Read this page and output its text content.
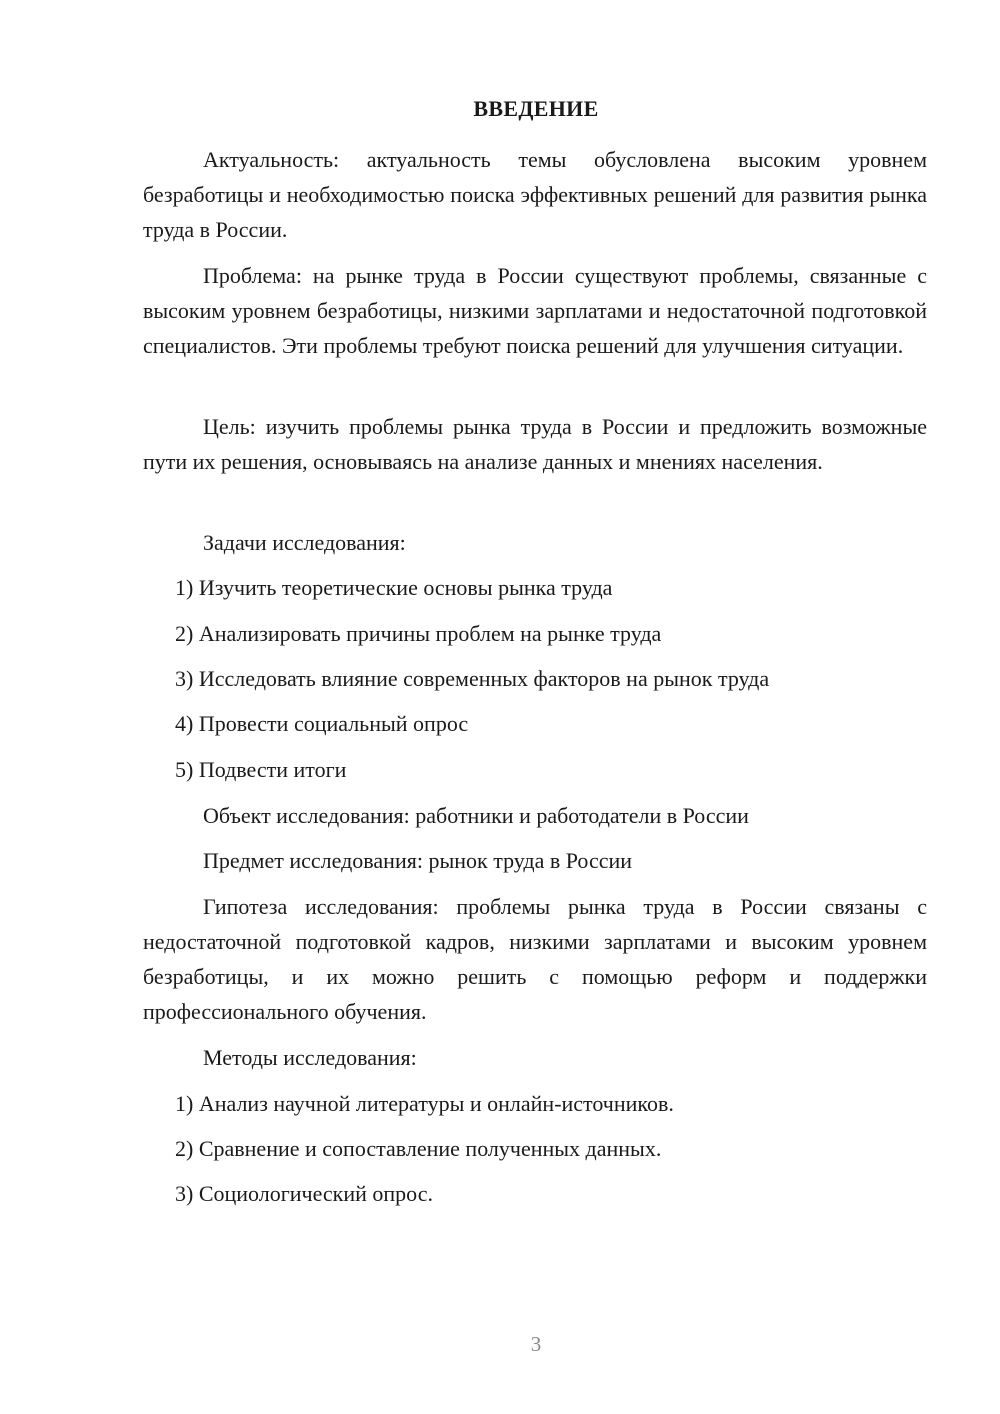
ВВЕДЕНИЕ

Актуальность: актуальность темы обусловлена высоким уровнем безработицы и необходимостью поиска эффективных решений для развития рынка труда в России.

Проблема: на рынке труда в России существуют проблемы, связанные с высоким уровнем безработицы, низкими зарплатами и недостаточной подготовкой специалистов. Эти проблемы требуют поиска решений для улучшения ситуации.

Цель: изучить проблемы рынка труда в России и предложить возможные пути их решения, основываясь на анализе данных и мнениях населения.

Задачи исследования:

1) Изучить теоретические основы рынка труда

2) Анализировать причины проблем на рынке труда

3) Исследовать влияние современных факторов на рынок труда

4) Провести социальный опрос

5) Подвести итоги

Объект исследования: работники и работодатели в России

Предмет исследования: рынок труда в России

Гипотеза исследования: проблемы рынка труда в России связаны с недостаточной подготовкой кадров, низкими зарплатами и высоким уровнем безработицы, и их можно решить с помощью реформ и поддержки профессионального обучения.

Методы исследования:

1) Анализ научной литературы и онлайн-источников.

2) Сравнение и сопоставление полученных данных.

3) Социологический опрос.

3
